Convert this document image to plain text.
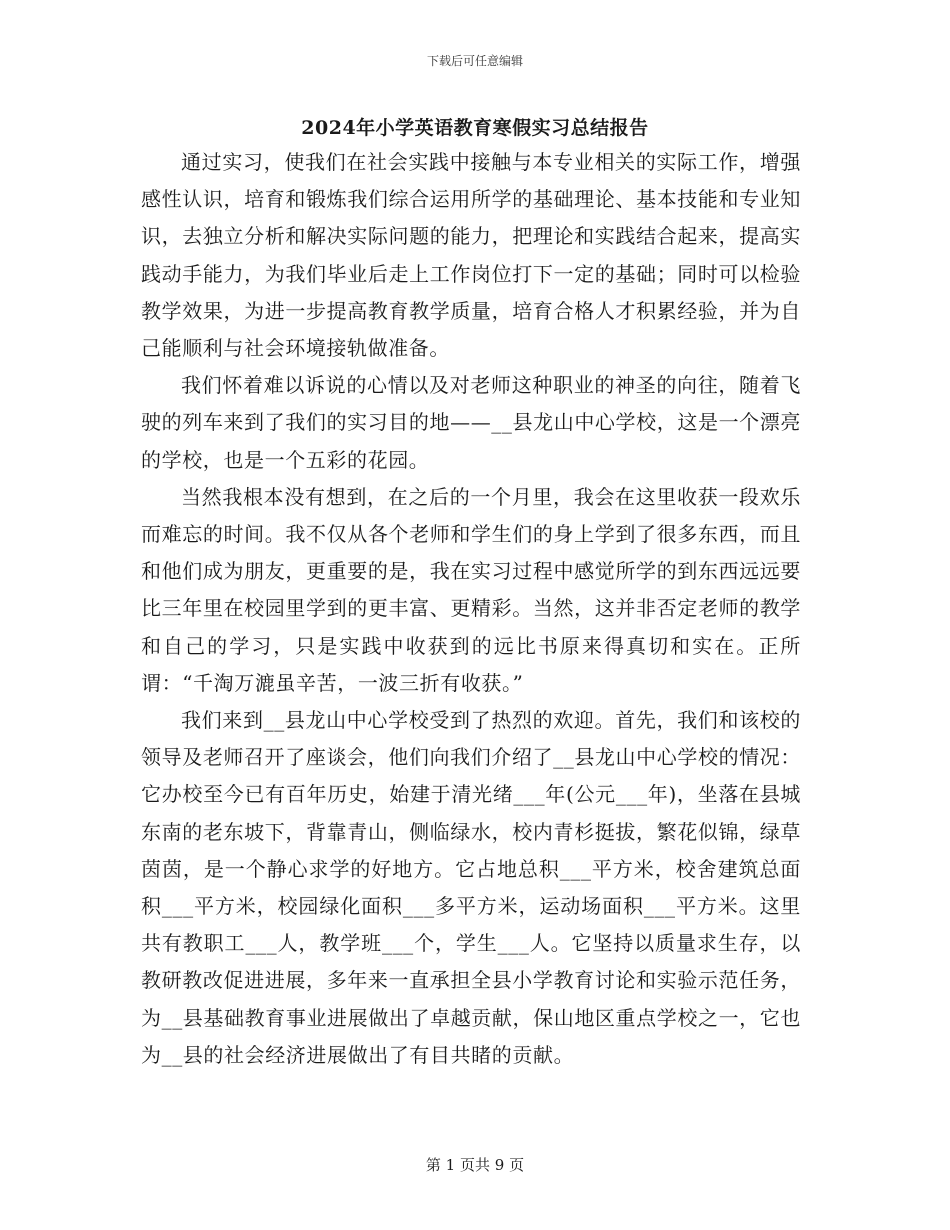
下载后可任意编辑
2024年小学英语教育寒假实习总结报告

通过实习，使我们在社会实践中接触与本专业相关的实际工作，增强感性认识，培育和锻炼我们综合运用所学的基础理论、基本技能和专业知识，去独立分析和解决实际问题的能力，把理论和实践结合起来，提高实践动手能力，为我们毕业后走上工作岗位打下一定的基础；同时可以检验教学效果，为进一步提高教育教学质量，培育合格人才积累经验，并为自己能顺利与社会环境接轨做准备。

我们怀着难以诉说的心情以及对老师这种职业的神圣的向往，随着飞驶的列车来到了我们的实习目的地——__县龙山中心学校，这是一个漂亮的学校，也是一个五彩的花园。

当然我根本没有想到，在之后的一个月里，我会在这里收获一段欢乐而难忘的时间。我不仅从各个老师和学生们的身上学到了很多东西，而且和他们成为朋友，更重要的是，我在实习过程中感觉所学的到东西远远要比三年里在校园里学到的更丰富、更精彩。当然，这并非否定老师的教学和自己的学习，只是实践中收获到的远比书原来得真切和实在。正所谓：“千淘万漉虽辛苦，一波三折有收获。”

我们来到__县龙山中心学校受到了热烈的欢迎。首先，我们和该校的领导及老师召开了座谈会，他们向我们介绍了__县龙山中心学校的情况：它办校至今已有百年历史，始建于清光绪___年(公元___年)，坐落在县城东南的老东坡下，背靠青山，侧临绿水，校内青杉挺拔，繁花似锦，绿草茵茵，是一个静心求学的好地方。它占地总积___平方米，校舍建筑总面积___平方米，校园绿化面积___多平方米，运动场面积___平方米。这里共有教职工___人，教学班___个，学生___人。它坚持以质量求生存，以教研教改促进进展，多年来一直承担全县小学教育讨论和实验示范任务，为__县基础教育事业进展做出了卓越贡献，保山地区重点学校之一，它也为__县的社会经济进展做出了有目共睹的贡献。

第 1 页共 9 页
